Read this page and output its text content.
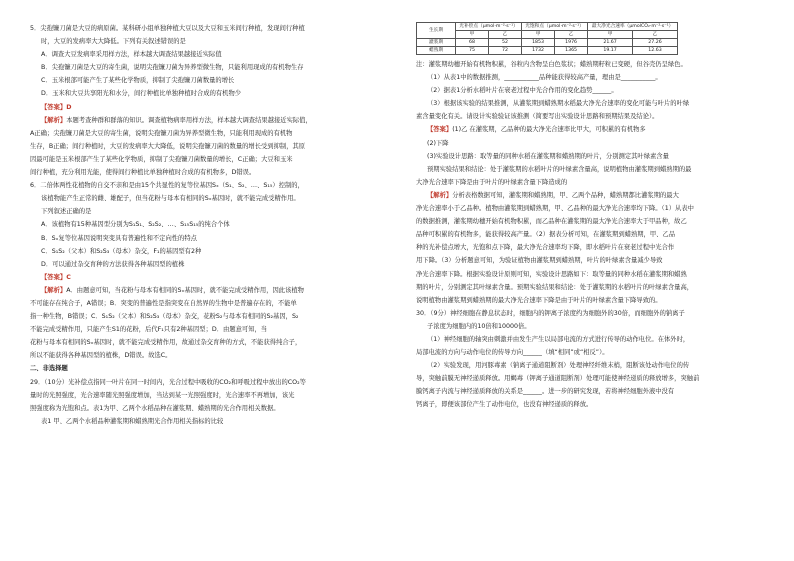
5．尖孢镰刀菌是大豆的病原菌。某科研小组单独种植大豆以及大豆和玉米间行种植，发现间行种植

时，大豆的发病率大大降低。下列有关叙述错误的是

A．调查大豆发病率采用样方法，样本越大调查结果越接近实际值

B．尖孢镰刀菌是大豆的寄生菌，说明尖孢镰刀菌为异养型微生物，只能利用现成的有机物生存

C．玉米根部可能产生了某些化学物质，抑制了尖孢镰刀菌数量的增长

D．玉米和大豆共享阳光和水分，间行种植比单独种植时合成的有机物少

【答案】D

【解析】本题考查种群和群落的知识。调查植物病率用样方法，样本越大调查结果越接近实际值，

A正确；尖孢镰刀菌是大豆的寄生菌，说明尖孢镰刀菌为异养型微生物，只能利用现成的有机物

生存，B正确；间行种植时，大豆的发病率大大降低，说明尖孢镰刀菌的数量的增长受到抑制，其原

因最可能是玉米根部产生了某些化学物质，抑制了尖孢镰刀菌数量的增长，C正确；大豆和玉米

间行种植，充分利用光能，使得间行种植比单独种植时合成的有机物多，D错误。

6．二倍体两性花植物的自交不亲和是由15个共显性的复等位基因Sₓ（S₁、S₂、…、S₁₅）控制的，

该植物能产生正常的雌、雄配子，但当花粉与母本有相同的Sₓ基因时，就不能完成受精作用。

下列叙述正确的是

A．该植物有15种基因型分别为S₁S₁、S₂S₂、…、S₁₅S₁₅的纯合个体

B．Sₓ复等位基因说明突变具有普遍性和不定向性的特点

C．S₁S₂（父本）和S₂S₃（母本）杂交，F₁的基因型有2种

D．可以通过杂交育种的方法获得各种基因型的植株

【答案】C

【解析】A．由题意可知，当花粉与母本有相同的Sₓ基因时，就不能完成受精作用，因此该植物

不可能存在纯合子，A错误；B．突变的普遍性是指突变在自然界的生物中是普遍存在的，不能单

指一种生物，B错误；C．S₁S₂（父本）和S₂S₃（母本）杂交，花粉S₂与母本有相同的S₂基因，S₂

不能完成受精作用，只能产生S1的花粉，后代F₁只有2种基因型；D．由题意可知，当

花粉与母本有相同的Sₓ基因时，就不能完成受精作用，故通过杂交育种的方式，不能获得纯合子，

所以不能获得各种基因型的植株，D错误。故选C。

二、非选择题

29．（10分）光补偿点指同一叶片在同一时间内，光合过程中吸收的CO₂和呼吸过程中放出的CO₂等

量时的光照强度，光合速率随光照强度增加，当达到某一光照强度时，光合速率不再增加，该光

照强度称为光饱和点。表1为甲、乙两个水稻品种在灌浆期、蜡熟期的光合作用相关数据。

表1 甲、乙两个水稻品种灌浆期和蜡熟期光合作用相关指标的比较

生长期	光补偿点（μmol·m⁻²·s⁻¹）		光饱和点（μmol·m⁻²·s⁻¹）		最大净光合速率（μmolCO₂·m⁻²·s⁻¹）	
	甲	乙	甲	乙	甲	乙
灌浆期	68	52	1853	1976	21.67	27.26
蜡熟期	75	72	1732	1365	19.17	12.63

注：灌浆期幼穗开始有机物积累，谷粒内含物呈白色浆状；蜡熟期籽粒已变硬，但谷壳仍呈绿色。

（1）从表1中的数据推测，___________品种能获得较高产量，理由是___________。

（2）据表1分析水稻叶片在衰老过程中光合作用的变化趋势______。

（3）根据该实验的结果推测，从灌浆期到蜡熟期水稻最大净光合速率的变化可能与叶片的叶绿

素含量变化有关。请设计实验验证该推测（简要写出实验设计思路和预期结果及结论）。

【答案】(1)乙 在灌浆期，乙品种的最大净光合速率比甲大，可积累的有机物多

(2)下降

(3)实验设计思路：取等量的同种水稻在灌浆期和蜡熟期的叶片，分别测定其叶绿素含量

预期实验结果和结论：处于灌浆期的水稻叶片的叶绿素含量高，说明植物由灌浆期到蜡熟期的最

大净光合速率下降是由于叶片的叶绿素含量下降造成的

【解析】分析表格数据可知，灌浆期和蜡熟期，甲、乙两个品种，蜡熟期都比灌浆期的最大

净光合速率小于乙品种。植物由灌浆期到蜡熟期，甲、乙品种的最大净光合速率均下降。（1）从表中

的数据推测，灌浆期幼穗开始有机物积累，而乙品种在灌浆期的最大净光合速率大于甲品种，故乙

品种可积累的有机物多，能获得较高产量。（2）据表分析可知，在灌浆期到蜡熟期，甲、乙品

种的光补偿点增大，光饱和点下降，最大净光合速率均下降，即水稻叶片在衰老过程中光合作

用下降。（3）分析题意可知，为验证植物由灌浆期到蜡熟期，叶片的叶绿素含量减少导致

净光合速率下降。根据实验设计原则可知，实验设计思路如下：取等量的同种水稻在灌浆期和蜡熟

期的叶片，分别测定其叶绿素含量。预期实验结果和结论：处于灌浆期的水稻叶片的叶绿素含量高，

说明植物由灌浆期到蜡熟期的最大净光合速率下降是由于叶片的叶绿素含量下降导致的。

30．（9分）神经细胞在静息状态时，细胞内的钾离子浓度约为细胞外的30倍，而细胞外的钠离子

子浓度为细胞内的10倍和10000倍。

（1）神经细胞的轴突由刺激并由发生产生以局部电流的方式进行传导的动作电位。在体外时，

局部电流的方向与动作电位的传导方向______（填“相同”或“相反”）。

（2）实验发现，用河豚毒素（钠离子通道阻断剂）处理神经纤维末梢，阻断该处动作电位的传

导，突触前膜无神经递质释放。用蝎毒（钾离子通道阻断剂）处理可能使神经递质的释放增多，突触前

膜钙离子内流与神经递质释放的关系是______。进一步的研究发现，若将神经细胞外液中没有

钙离子，即便该部位产生了动作电位，也没有神经递质的释放。
